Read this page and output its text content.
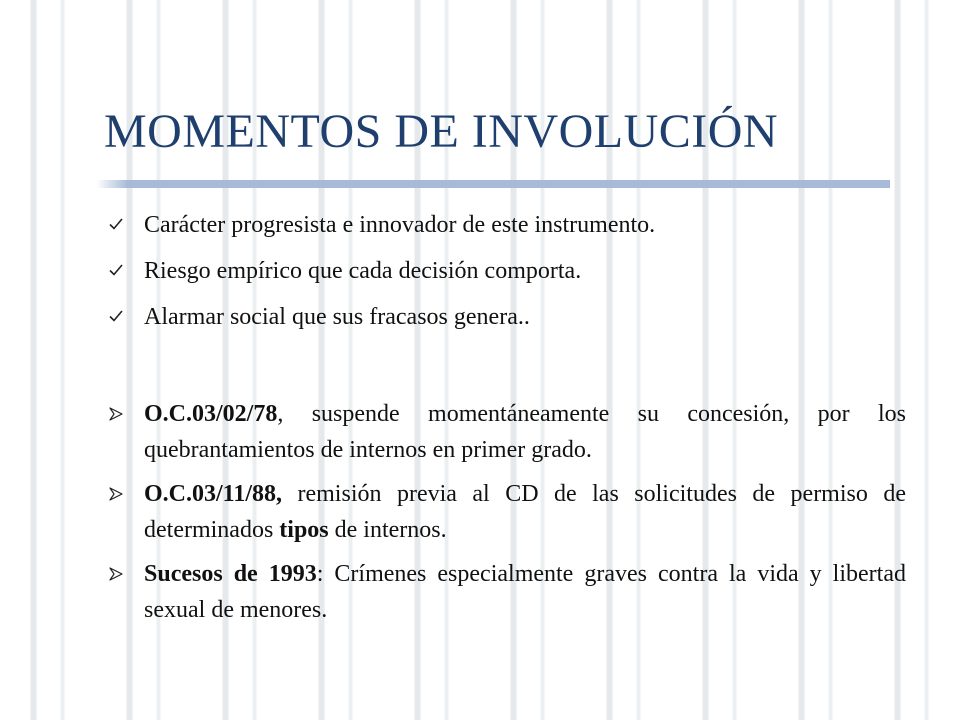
MOMENTOS DE INVOLUCIÓN
Carácter progresista e innovador de este instrumento.
Riesgo empírico que cada decisión comporta.
Alarmar social que sus fracasos genera..
O.C.03/02/78, suspende momentáneamente su concesión, por los quebrantamientos de internos en primer grado.
O.C.03/11/88, remisión previa al CD de las solicitudes de permiso de determinados tipos de internos.
Sucesos de 1993: Crímenes especialmente graves contra la vida y libertad sexual de menores.
